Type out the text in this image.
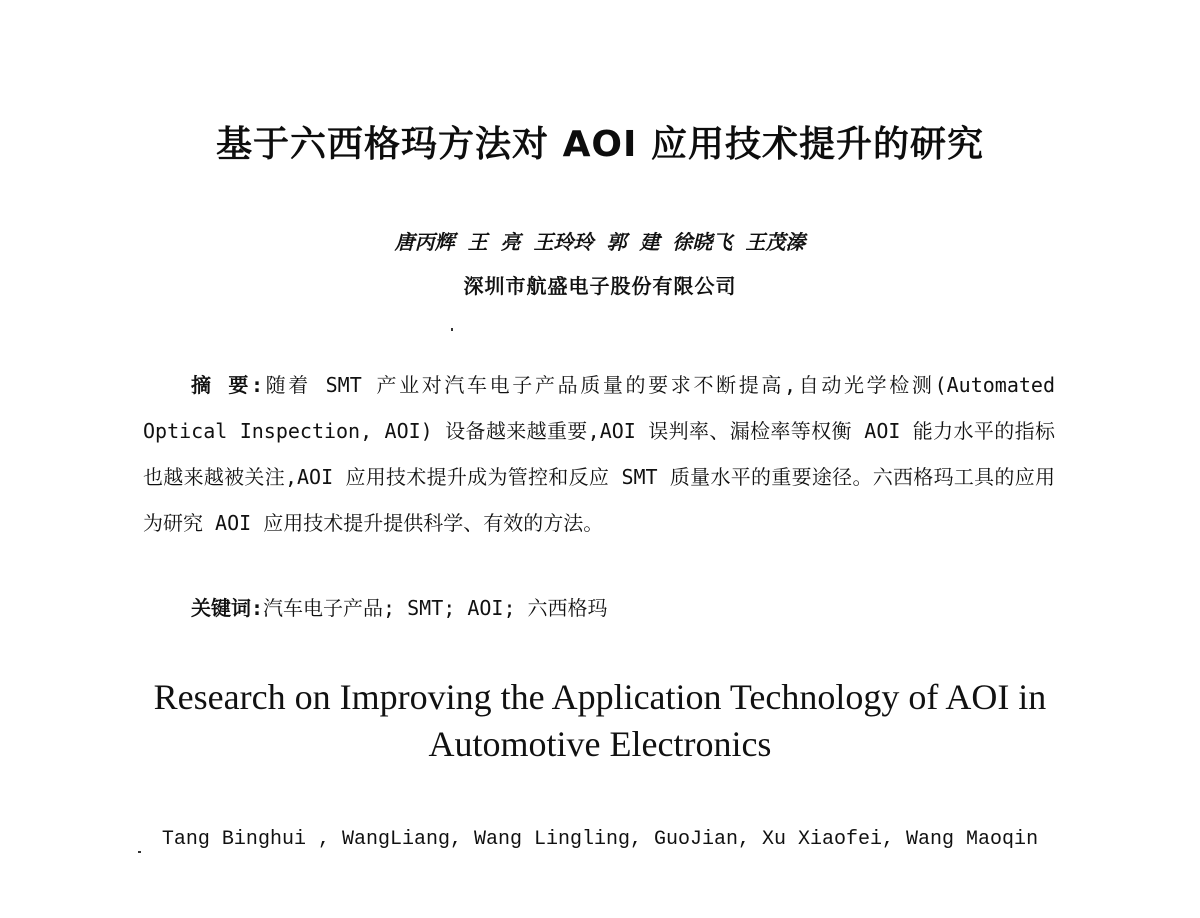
基于六西格玛方法对 AOI 应用技术提升的研究
唐丙辉 王 亮 王玲玲 郭 建 徐晓飞 王茂溱
深圳市航盛电子股份有限公司
摘 要:随着 SMT 产业对汽车电子产品质量的要求不断提高,自动光学检测(Automated Optical Inspection, AOI) 设备越来越重要,AOI 误判率、漏检率等权衡 AOI 能力水平的指标也越来越被关注,AOI 应用技术提升成为管控和反应 SMT 质量水平的重要途径。六西格玛工具的应用为研究 AOI 应用技术提升提供科学、有效的方法。
关键词:汽车电子产品; SMT; AOI; 六西格玛
Research on Improving the Application Technology of AOI in
Automotive Electronics
Tang Binghui , WangLiang, Wang Lingling, GuoJian, Xu Xiaofei, Wang Maoqin
